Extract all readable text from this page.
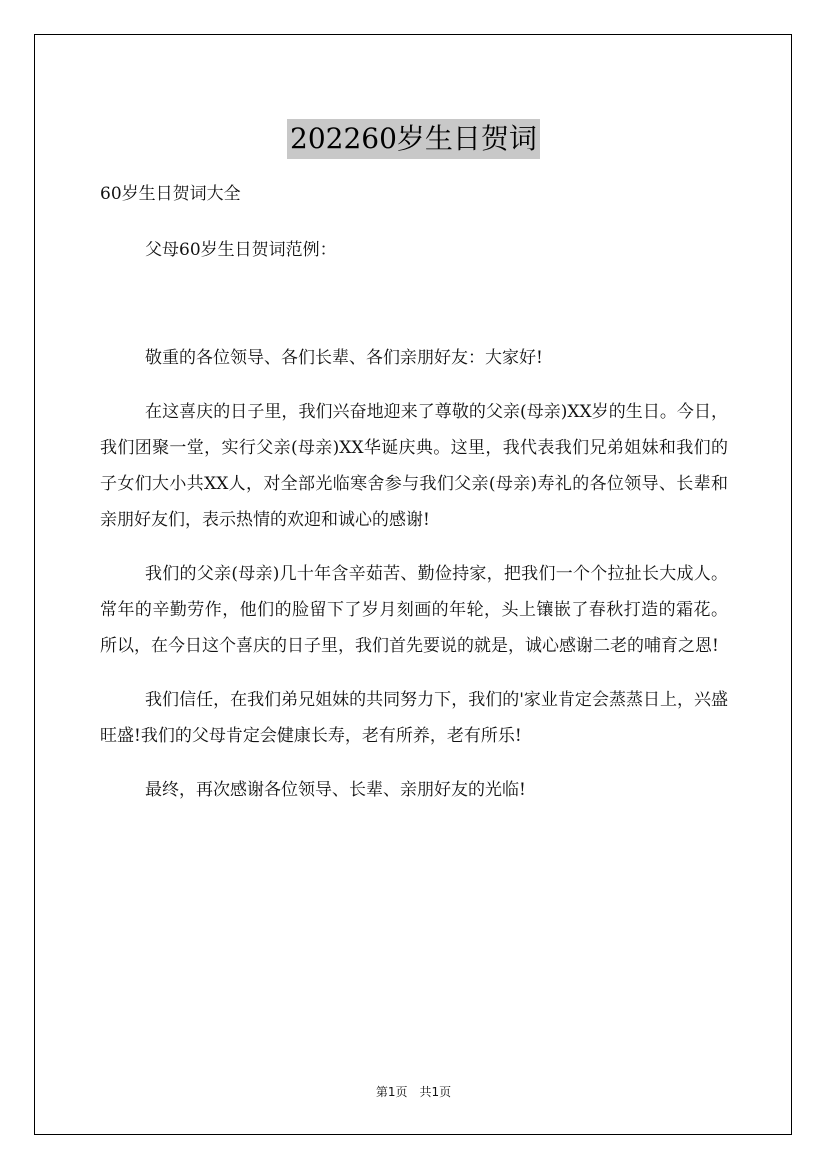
202260岁生日贺词
60岁生日贺词大全
父母60岁生日贺词范例：

敬重的各位领导、各们长辈、各们亲朋好友：大家好!

在这喜庆的日子里，我们兴奋地迎来了尊敬的父亲(母亲)XX岁的生日。今日，我们团聚一堂，实行父亲(母亲)XX华诞庆典。这里，我代表我们兄弟姐妹和我们的子女们大小共XX人，对全部光临寒舍参与我们父亲(母亲)寿礼的各位领导、长辈和亲朋好友们，表示热情的欢迎和诚心的感谢!

我们的父亲(母亲)几十年含辛茹苦、勤俭持家，把我们一个个拉扯长大成人。常年的辛勤劳作，他们的脸留下了岁月刻画的年轮，头上镶嵌了春秋打造的霜花。所以，在今日这个喜庆的日子里，我们首先要说的就是，诚心感谢二老的哺育之恩!

我们信任，在我们弟兄姐妹的共同努力下，我们的'家业肯定会蒸蒸日上，兴盛旺盛!我们的父母肯定会健康长寿，老有所养，老有所乐!

最终，再次感谢各位领导、长辈、亲朋好友的光临!

第1页 共1页
